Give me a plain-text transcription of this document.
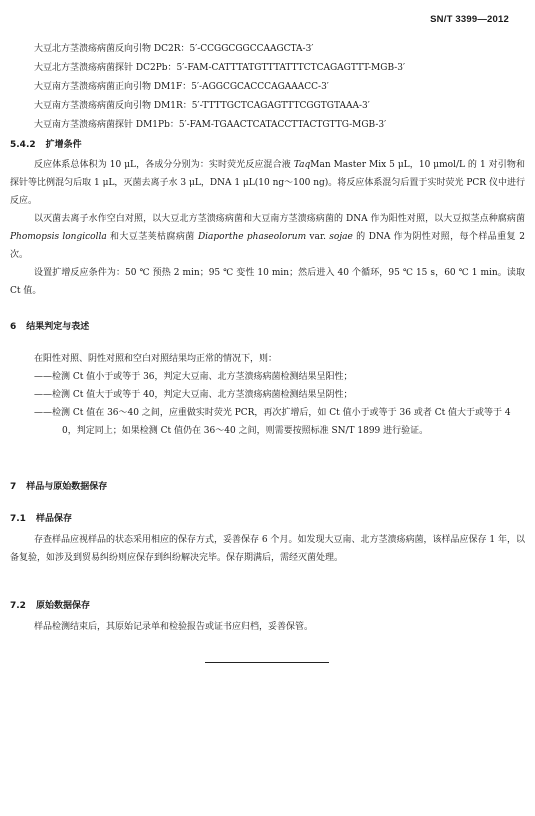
SN/T 3399—2012
大豆北方茎溃疡病菌反向引物 DC2R：5′-CCGGCGGCCAAGCTA-3′
大豆北方茎溃疡病菌探针 DC2Pb：5′-FAM-CATTTATGTTTATTTCTCAGAGTTT-MGB-3′
大豆南方茎溃疡病菌正向引物 DM1F：5′-AGGCGCACCCAGAAACC-3′
大豆南方茎溃疡病菌反向引物 DM1R：5′-TTTTGCTCAGAGTTTCGGTGTAAA-3′
大豆南方茎溃疡病菌探针 DM1Pb：5′-FAM-TGAACTCATACCTTACTGTTG-MGB-3′
5.4.2 扩增条件

反应体系总体积为 10 μL，各成分分别为：实时荧光反应混合液 TaqMan Master Mix 5 μL，10 μmol/L 的 1 对引物和探针等比例混匀后取 1 μL，灭菌去离子水 3 μL，DNA 1 μL(10 ng～100 ng)。将反应体系混匀后置于实时荧光 PCR 仪中进行反应。

以灭菌去离子水作空白对照，以大豆北方茎溃疡病菌和大豆南方茎溃疡病菌的 DNA 作为阳性对照，以大豆拟茎点种腐病菌 Phomopsis longicolla 和大豆茎荚枯腐病菌 Diaporthe phaseolorum var. sojae 的 DNA 作为阴性对照，每个样品重复 2 次。

设置扩增反应条件为：50 ℃ 预热 2 min；95 ℃ 变性 10 min；然后进入 40 个循环，95 ℃ 15 s，60 ℃ 1 min。读取 Ct 值。

6 结果判定与表述

在阳性对照、阴性对照和空白对照结果均正常的情况下，则：

——检测 Ct 值小于或等于 36，判定大豆南、北方茎溃疡病菌检测结果呈阳性；

——检测 Ct 值大于或等于 40，判定大豆南、北方茎溃疡病菌检测结果呈阴性；

——检测 Ct 值在 36～40 之间，应重做实时荧光 PCR，再次扩增后，如 Ct 值小于或等于 36 或者 Ct 值大于或等于 40，判定同上；如果检测 Ct 值仍在 36～40 之间，则需要按照标准 SN/T 1899 进行验证。

7 样品与原始数据保存
7.1 样品保存

存查样品应视样品的状态采用相应的保存方式，妥善保存 6 个月。如发现大豆南、北方茎溃疡病菌，该样品应保存 1 年，以备复验，如涉及到贸易纠纷则应保存到纠纷解决完毕。保存期满后，需经灭菌处理。

7.2 原始数据保存

样品检测结束后，其原始记录单和检验报告或证书应归档，妥善保管。
